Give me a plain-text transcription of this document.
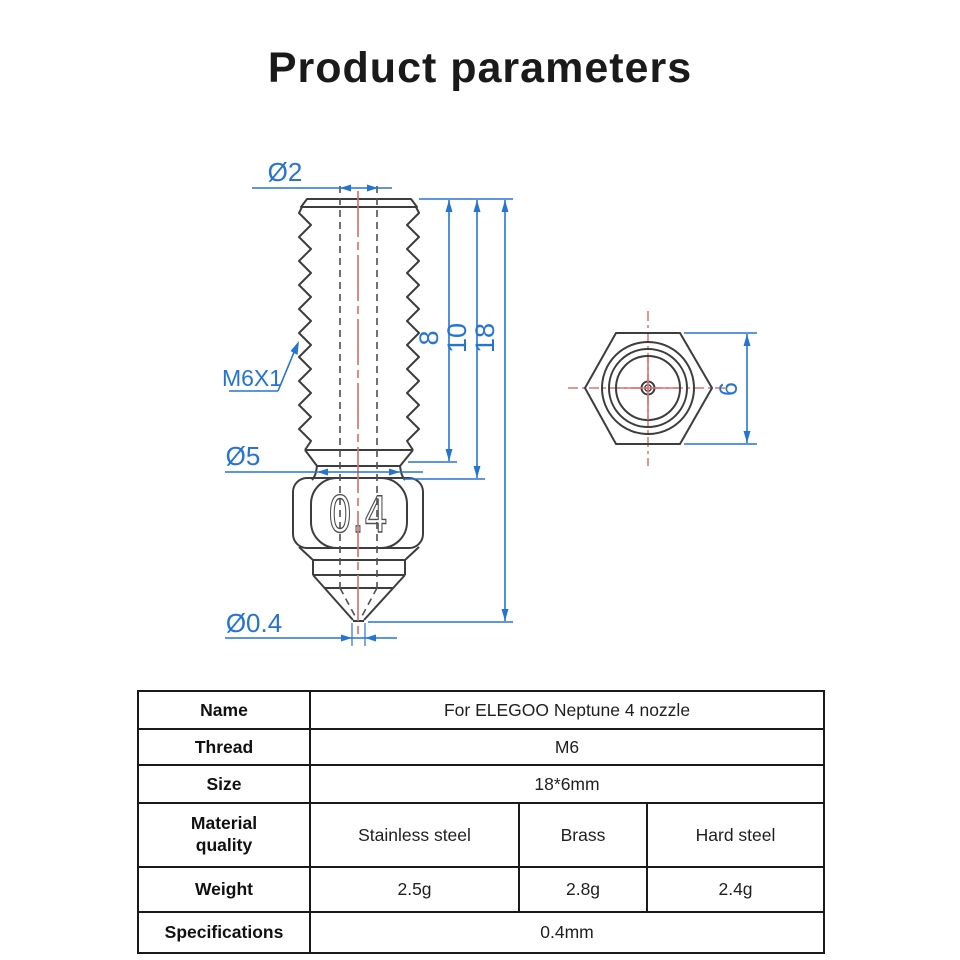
Product parameters
0.4
Ø2
M6X1
Ø5
Ø0.4
8
10
18
6
Name	For ELEGOO Neptune 4 nozzle		
Thread	M6		
Size	18*6mm		
Material quality	Stainless steel	Brass	Hard steel
Weight	2.5g	2.8g	2.4g
Specifications	0.4mm		
